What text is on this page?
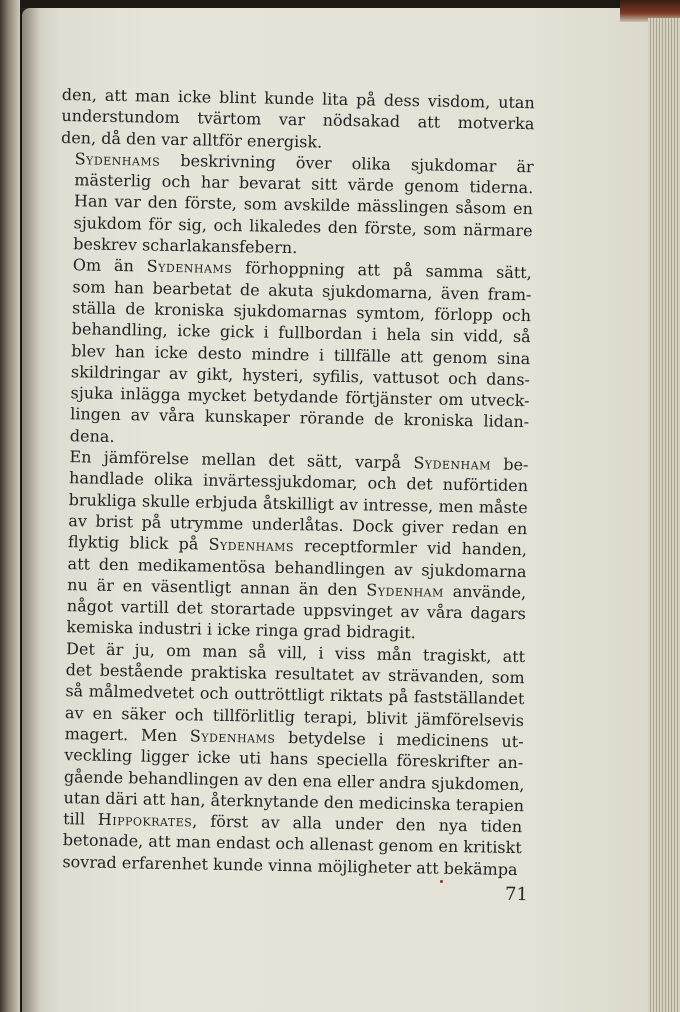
den, att man icke blint kunde lita på dess visdom, utan
understundom tvärtom var nödsakad att motverka
den, då den var alltför energisk.

Sydenhams beskrivning över olika sjukdomar är
mästerlig och har bevarat sitt värde genom tiderna.
Han var den förste, som avskilde mässlingen såsom en
sjukdom för sig, och likaledes den förste, som närmare
beskrev scharlakansfebern.

Om än Sydenhams förhoppning att på samma sätt,
som han bearbetat de akuta sjukdomarna, även fram-
ställa de kroniska sjukdomarnas symtom, förlopp och
behandling, icke gick i fullbordan i hela sin vidd, så
blev han icke desto mindre i tillfälle att genom sina
skildringar av gikt, hysteri, syfilis, vattusot och dans-
sjuka inlägga mycket betydande förtjänster om utveck-
lingen av våra kunskaper rörande de kroniska lidan-
dena.

En jämförelse mellan det sätt, varpå Sydenham be-
handlade olika invärtessjukdomar, och det nuförtiden
brukliga skulle erbjuda åtskilligt av intresse, men måste
av brist på utrymme underlåtas. Dock giver redan en
flyktig blick på Sydenhams receptformler vid handen,
att den medikamentösa behandlingen av sjukdomarna
nu är en väsentligt annan än den Sydenham använde,
något vartill det storartade uppsvinget av våra dagars
kemiska industri i icke ringa grad bidragit.

Det är ju, om man så vill, i viss mån tragiskt, att
det bestående praktiska resultatet av strävanden, som
så målmedvetet och outtröttligt riktats på fastställandet
av en säker och tillförlitlig terapi, blivit jämförelsevis
magert. Men Sydenhams betydelse i medicinens ut-
veckling ligger icke uti hans speciella föreskrifter an-
gående behandlingen av den ena eller andra sjukdomen,
utan däri att han, återknytande den medicinska terapien
till Hippokrates, först av alla under den nya tiden
betonade, att man endast och allenast genom en kritiskt
sovrad erfarenhet kunde vinna möjligheter att bekämpa

71
